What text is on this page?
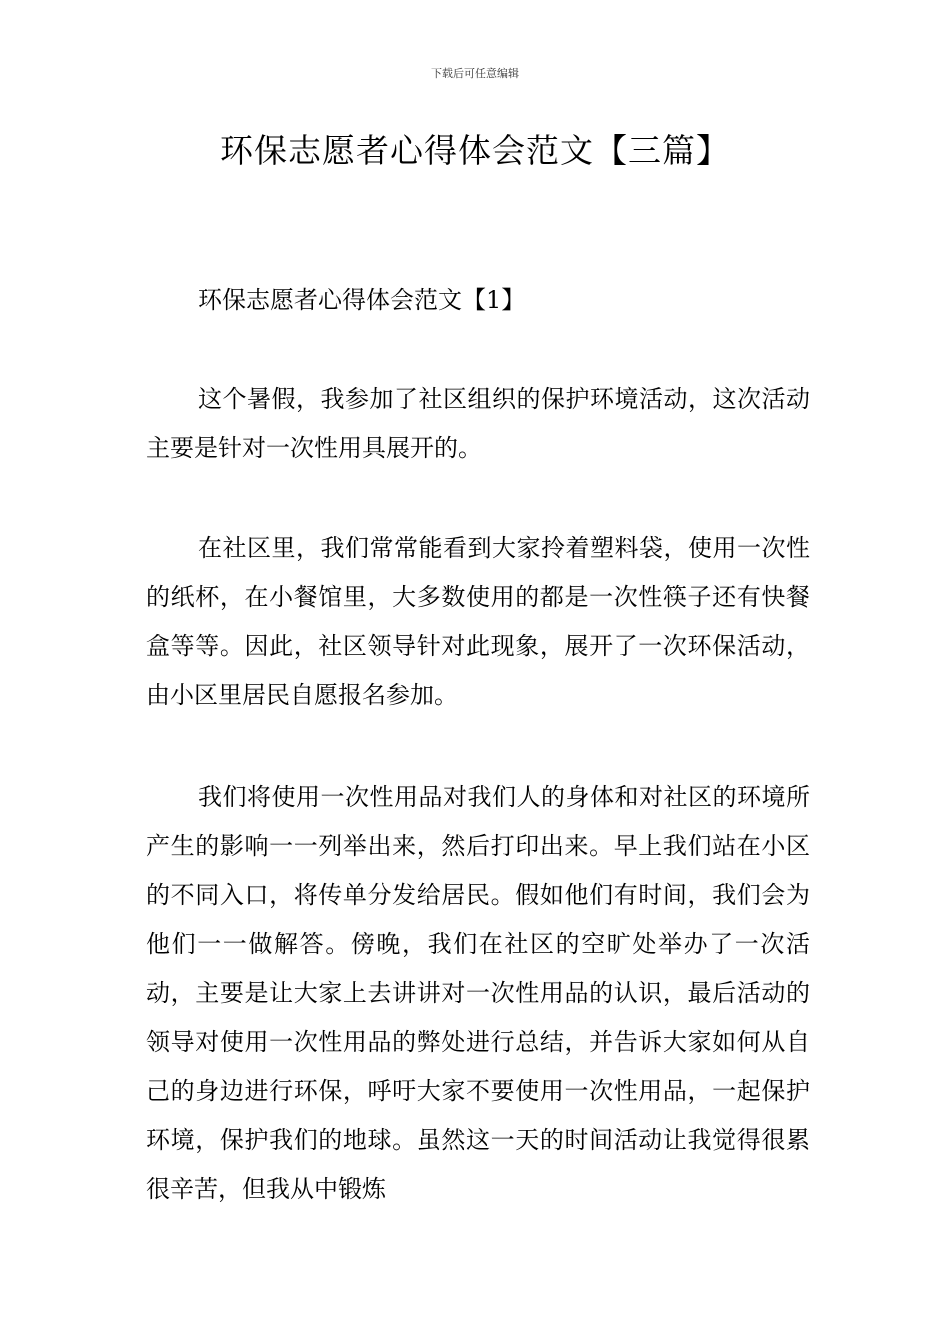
下载后可任意编辑
环保志愿者心得体会范文【三篇】

环保志愿者心得体会范文【1】

这个暑假，我参加了社区组织的保护环境活动，这次活动主要是针对一次性用具展开的。

在社区里，我们常常能看到大家拎着塑料袋，使用一次性的纸杯，在小餐馆里，大多数使用的都是一次性筷子还有快餐盒等等。因此，社区领导针对此现象，展开了一次环保活动，由小区里居民自愿报名参加。

我们将使用一次性用品对我们人的身体和对社区的环境所产生的影响一一列举出来，然后打印出来。早上我们站在小区的不同入口，将传单分发给居民。假如他们有时间，我们会为他们一一做解答。傍晚，我们在社区的空旷处举办了一次活动，主要是让大家上去讲讲对一次性用品的认识，最后活动的领导对使用一次性用品的弊处进行总结，并告诉大家如何从自己的身边进行环保，呼吁大家不要使用一次性用品，一起保护环境，保护我们的地球。虽然这一天的时间活动让我觉得很累很辛苦，但我从中锻炼
